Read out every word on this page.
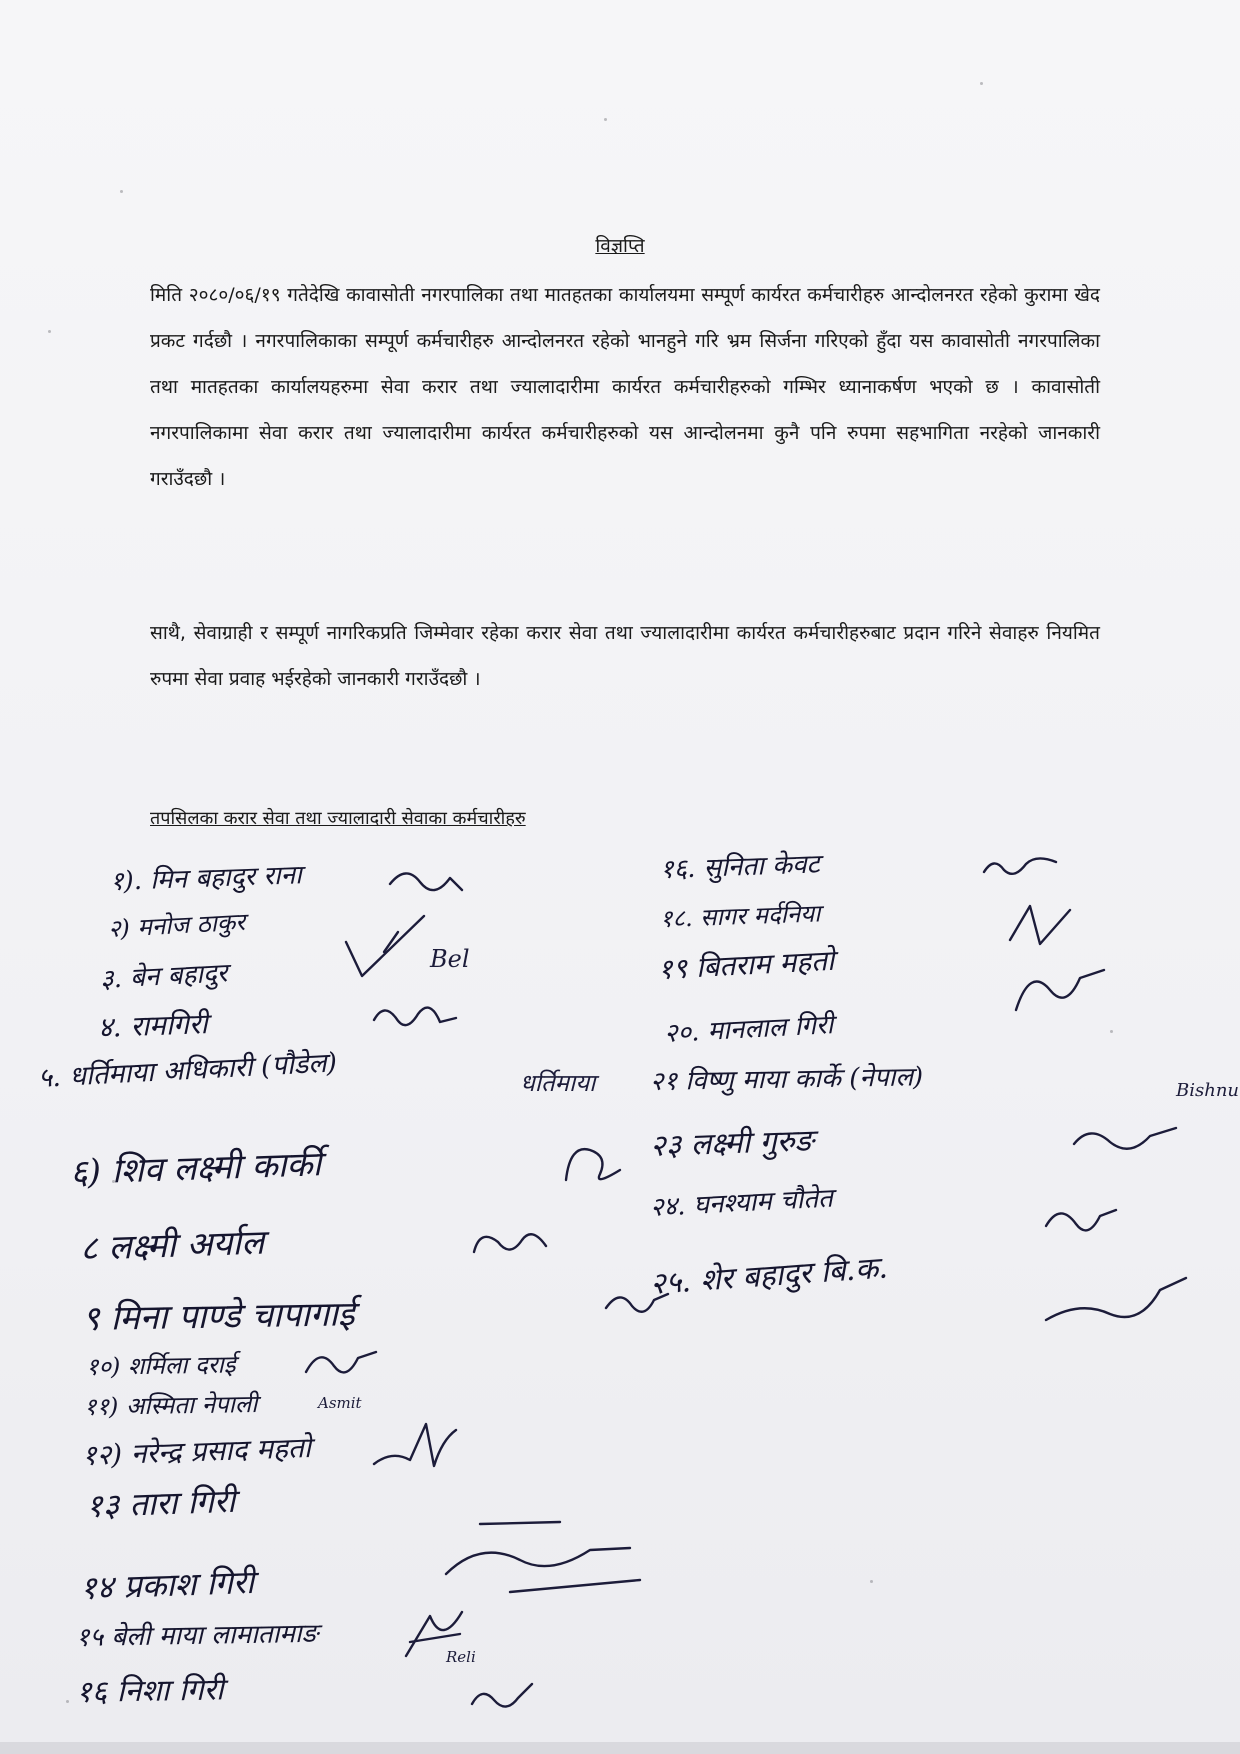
विज्ञप्ति
मिति २०८०/०६/१९ गतेदेखि कावासोती नगरपालिका तथा मातहतका कार्यालयमा सम्पूर्ण कार्यरत कर्मचारीहरु आन्दोलनरत रहेको कुरामा खेद प्रकट गर्दछौ । नगरपालिकाका सम्पूर्ण कर्मचारीहरु आन्दोलनरत रहेको भानहुने गरि भ्रम सिर्जना गरिएको हुँदा यस कावासोती नगरपालिका तथा मातहतका कार्यालयहरुमा सेवा करार तथा ज्यालादारीमा कार्यरत कर्मचारीहरुको गम्भिर ध्यानाकर्षण भएको छ । कावासोती नगरपालिकामा सेवा करार तथा ज्यालादारीमा कार्यरत कर्मचारीहरुको यस आन्दोलनमा कुनै पनि रुपमा सहभागिता नरहेको जानकारी गराउँदछौ ।
साथै, सेवाग्राही र सम्पूर्ण नागरिकप्रति जिम्मेवार रहेका करार सेवा तथा ज्यालादारीमा कार्यरत कर्मचारीहरुबाट प्रदान गरिने सेवाहरु नियमित रुपमा सेवा प्रवाह भईरहेको जानकारी गराउँदछौ ।
तपसिलका करार सेवा तथा ज्यालादारी सेवाका कर्मचारीहरु
१). मिन बहादुर राना
२) मनोज ठाकुर
३. बेन बहादुर
४. रामगिरी
५. धर्तिमाया अधिकारी (पौडेल)
६) शिव लक्ष्मी कार्की
८ लक्ष्मी अर्याल
९ मिना पाण्डे चापागाई
१०) शर्मिला दराई
११) अस्मिता नेपाली
१२) नरेन्द्र प्रसाद महतो
१३ तारा गिरी
१४ प्रकाश गिरी
१५ बेली माया लामातामाङ
१६ निशा गिरी
१६. सुनिता केवट
१८. सागर मर्दनिया
१९ बितराम महतो
२०. मानलाल गिरी
२१ विष्णु माया कार्के (नेपाल)
२३ लक्ष्मी गुरुङ
२४. घनश्याम चौतेत
२५. शेर बहादुर बि.क.
Bel
धर्तिमाया	Bishnu
Asmit
Reli
